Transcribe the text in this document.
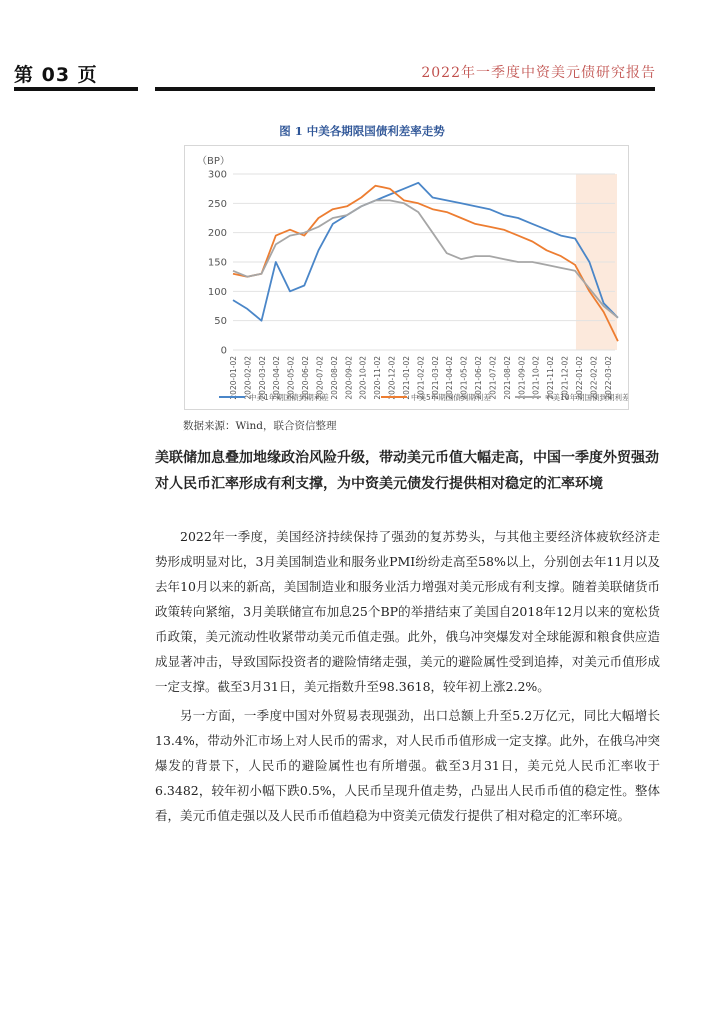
第 03 页	2022年一季度中资美元债研究报告
图 1 中美各期限国债利差率走势
300
250
200
150
100
50
0
（BP）
2020-01-02 2020-02-02 2020-03-02 2020-04-02 2020-05-02 2020-06-02 2020-07-02 2020-08-02 2020-09-02 2020-10-02 2020-11-02 2020-12-02 2021-01-02 2021-02-02 2021-03-02 2021-04-02 2021-05-02 2021-06-02 2021-07-02 2021-08-02 2021-09-02 2021-10-02 2021-11-02 2021-12-02 2022-01-02 2022-02-02 2022-03-02
中美1年期国债到期利差	中美5年期国债到期利差	中美10年期国债到期利差
数据来源：Wind，联合资信整理
美联储加息叠加地缘政治风险升级，带动美元币值大幅走高，中国一季度外贸强劲对人民币汇率形成有利支撑，为中资美元债发行提供相对稳定的汇率环境

2022年一季度，美国经济持续保持了强劲的复苏势头，与其他主要经济体疲软经济走势形成明显对比，3月美国制造业和服务业PMI纷纷走高至58%以上，分别创去年11月以及去年10月以来的新高，美国制造业和服务业活力增强对美元形成有利支撑。随着美联储货币政策转向紧缩，3月美联储宣布加息25个BP的举措结束了美国自2018年12月以来的宽松货币政策，美元流动性收紧带动美元币值走强。此外，俄乌冲突爆发对全球能源和粮食供应造成显著冲击，导致国际投资者的避险情绪走强，美元的避险属性受到追捧，对美元币值形成一定支撑。截至3月31日，美元指数升至98.3618，较年初上涨2.2%。

另一方面，一季度中国对外贸易表现强劲，出口总额上升至5.2万亿元，同比大幅增长13.4%，带动外汇市场上对人民币的需求，对人民币币值形成一定支撑。此外，在俄乌冲突爆发的背景下，人民币的避险属性也有所增强。截至3月31日，美元兑人民币汇率收于6.3482，较年初小幅下跌0.5%，人民币呈现升值走势，凸显出人民币币值的稳定性。整体看，美元币值走强以及人民币币值趋稳为中资美元债发行提供了相对稳定的汇率环境。
